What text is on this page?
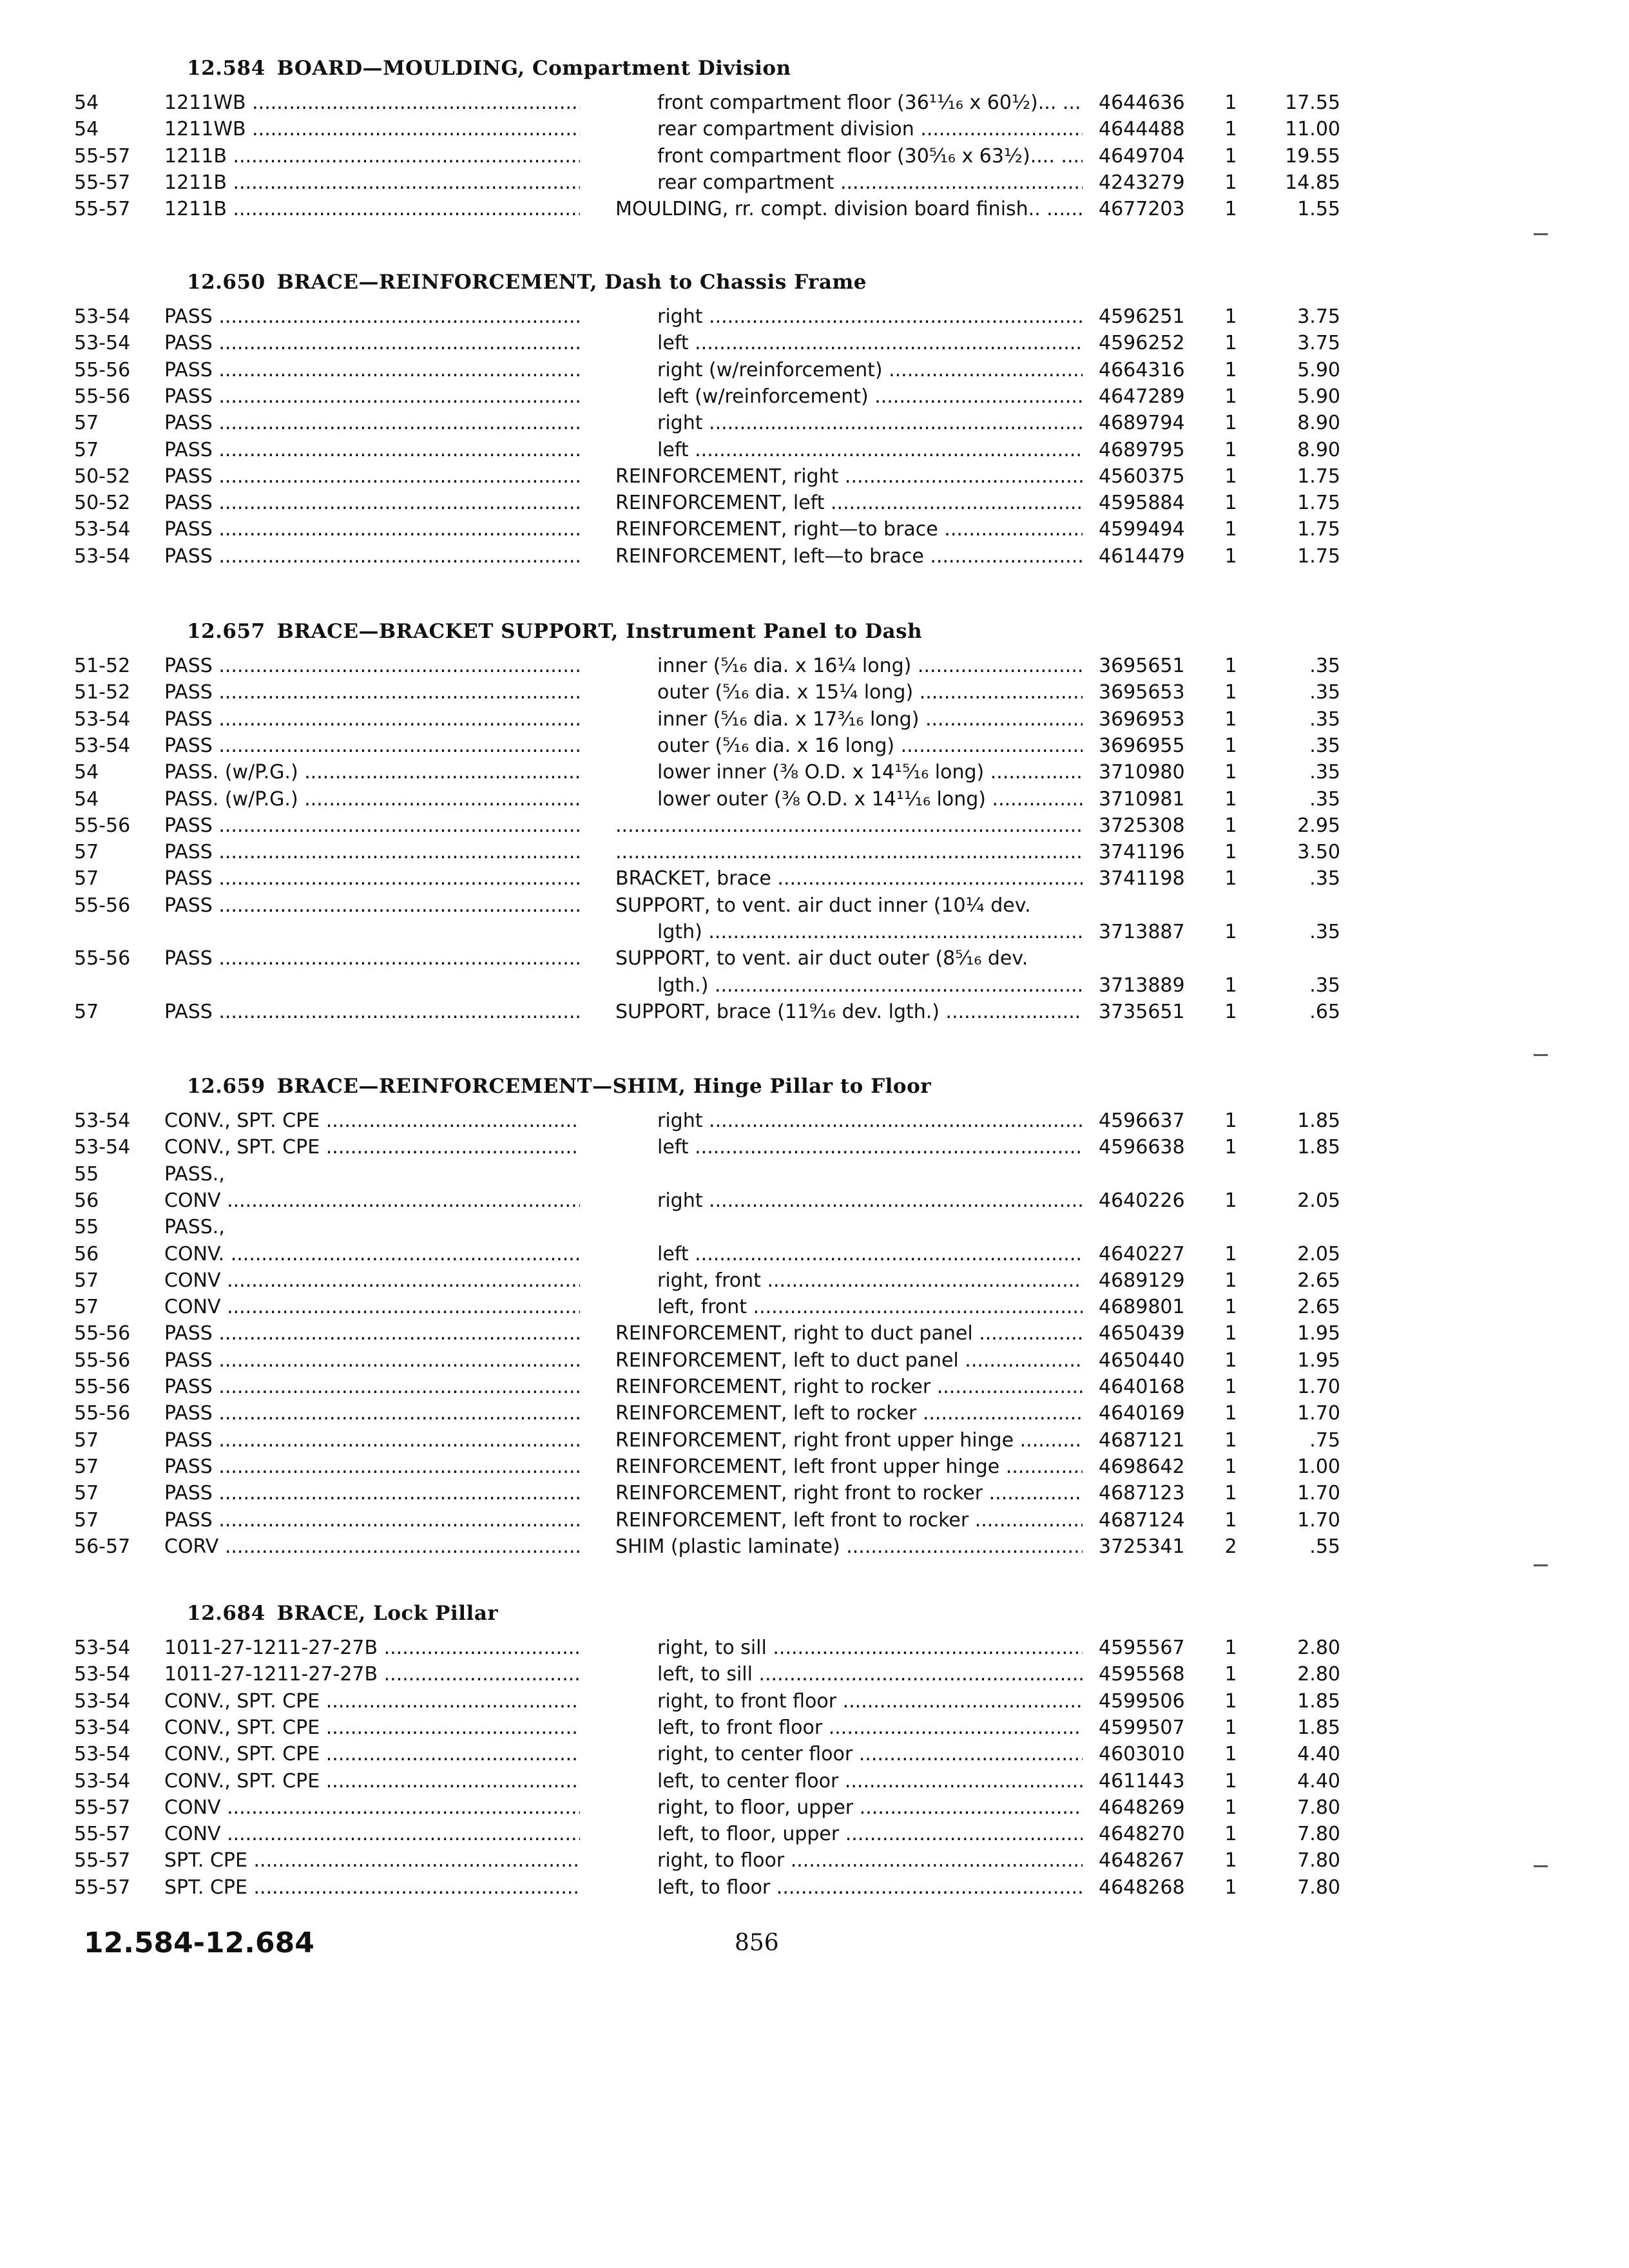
12.584 BOARD—MOULDING, Compartment Division
54	1211WB .....	front compartment floor (36¹¹⁄₁₆ x 60½)... .....	4644636	1	17.55
54	1211WB .....	rear compartment division .....	4644488	1	11.00
55-57	1211B .....	front compartment floor (30⁵⁄₁₆ x 63½).... .....	4649704	1	19.55
55-57	1211B .....	rear compartment .....	4243279	1	14.85
55-57	1211B .....	MOULDING, rr. compt. division board finish.. .....	4677203	1	1.55
12.650 BRACE—REINFORCEMENT, Dash to Chassis Frame
53-54	PASS .....	right .....	4596251	1	3.75
53-54	PASS .....	left .....	4596252	1	3.75
55-56	PASS .....	right (w/reinforcement) .....	4664316	1	5.90
55-56	PASS .....	left (w/reinforcement) .....	4647289	1	5.90
57	PASS .....	right .....	4689794	1	8.90
57	PASS .....	left .....	4689795	1	8.90
50-52	PASS .....	REINFORCEMENT, right .....	4560375	1	1.75
50-52	PASS .....	REINFORCEMENT, left .....	4595884	1	1.75
53-54	PASS .....	REINFORCEMENT, right—to brace .....	4599494	1	1.75
53-54	PASS .....	REINFORCEMENT, left—to brace .....	4614479	1	1.75
12.657 BRACE—BRACKET SUPPORT, Instrument Panel to Dash
51-52	PASS .....	inner (⁵⁄₁₆ dia. x 16¼ long) .....	3695651	1	.35
51-52	PASS .....	outer (⁵⁄₁₆ dia. x 15¼ long) .....	3695653	1	.35
53-54	PASS .....	inner (⁵⁄₁₆ dia. x 17³⁄₁₆ long) .....	3696953	1	.35
53-54	PASS .....	outer (⁵⁄₁₆ dia. x 16 long) .....	3696955	1	.35
54	PASS. (w/P.G.) .....	lower inner (⅜ O.D. x 14¹⁵⁄₁₆ long) .....	3710980	1	.35
54	PASS. (w/P.G.) .....	lower outer (⅜ O.D. x 14¹¹⁄₁₆ long) .....	3710981	1	.35
55-56	PASS ..... .....	3725308	1	2.95
57	PASS ..... .....	3741196	1	3.50
57	PASS .....	BRACKET, brace .....	3741198	1	.35
55-56	PASS .....	SUPPORT, to vent. air duct inner (10¼ dev.
lgth) .....	3713887	1	.35
55-56	PASS .....	SUPPORT, to vent. air duct outer (8⁵⁄₁₆ dev.
lgth.) .....	3713889	1	.35
57	PASS .....	SUPPORT, brace (11⁹⁄₁₆ dev. lgth.) .....	3735651	1	.65
12.659 BRACE—REINFORCEMENT—SHIM, Hinge Pillar to Floor
53-54	CONV., SPT. CPE .....	right .....	4596637	1	1.85
53-54	CONV., SPT. CPE .....	left .....	4596638	1	1.85
55	PASS.,
56	CONV .....	right .....	4640226	1	2.05
55	PASS.,
56	CONV. .....	left .....	4640227	1	2.05
57	CONV .....	right, front .....	4689129	1	2.65
57	CONV .....	left, front .....	4689801	1	2.65
55-56	PASS .....	REINFORCEMENT, right to duct panel .....	4650439	1	1.95
55-56	PASS .....	REINFORCEMENT, left to duct panel .....	4650440	1	1.95
55-56	PASS .....	REINFORCEMENT, right to rocker .....	4640168	1	1.70
55-56	PASS .....	REINFORCEMENT, left to rocker .....	4640169	1	1.70
57	PASS .....	REINFORCEMENT, right front upper hinge .....	4687121	1	.75
57	PASS .....	REINFORCEMENT, left front upper hinge .....	4698642	1	1.00
57	PASS .....	REINFORCEMENT, right front to rocker .....	4687123	1	1.70
57	PASS .....	REINFORCEMENT, left front to rocker .....	4687124	1	1.70
56-57	CORV .....	SHIM (plastic laminate) .....	3725341	2	.55
12.684 BRACE, Lock Pillar
53-54	1011-27-1211-27-27B .....	right, to sill .....	4595567	1	2.80
53-54	1011-27-1211-27-27B .....	left, to sill .....	4595568	1	2.80
53-54	CONV., SPT. CPE .....	right, to front floor .....	4599506	1	1.85
53-54	CONV., SPT. CPE .....	left, to front floor .....	4599507	1	1.85
53-54	CONV., SPT. CPE .....	right, to center floor .....	4603010	1	4.40
53-54	CONV., SPT. CPE .....	left, to center floor .....	4611443	1	4.40
55-57	CONV .....	right, to floor, upper .....	4648269	1	7.80
55-57	CONV .....	left, to floor, upper .....	4648270	1	7.80
55-57	SPT. CPE .....	right, to floor .....	4648267	1	7.80
55-57	SPT. CPE .....	left, to floor .....	4648268	1	7.80
12.584-12.684	856
